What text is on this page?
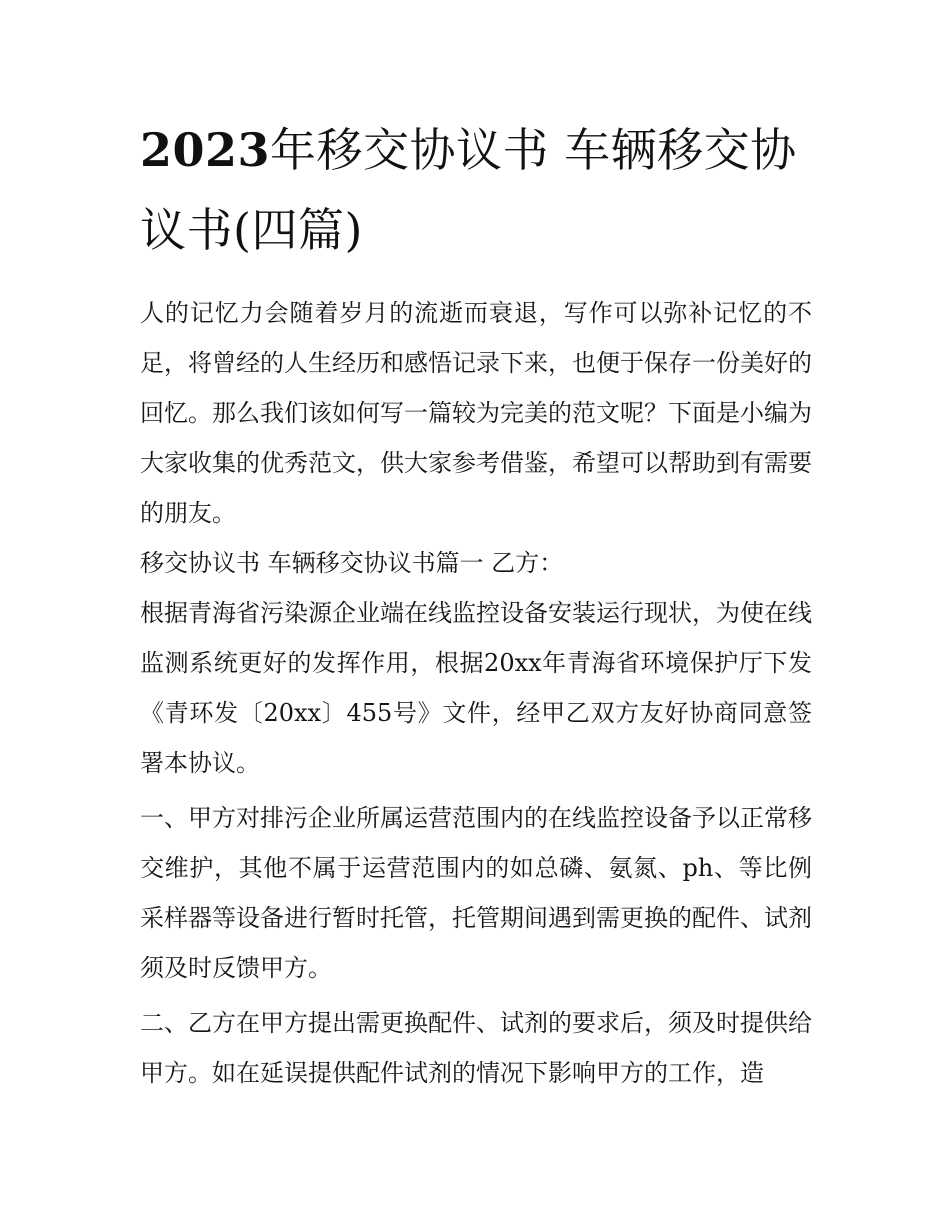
2023年移交协议书 车辆移交协议书(四篇)

人的记忆力会随着岁月的流逝而衰退，写作可以弥补记忆的不足，将曾经的人生经历和感悟记录下来，也便于保存一份美好的回忆。那么我们该如何写一篇较为完美的范文呢？下面是小编为大家收集的优秀范文，供大家参考借鉴，希望可以帮助到有需要的朋友。

移交协议书 车辆移交协议书篇一 乙方：

根据青海省污染源企业端在线监控设备安装运行现状，为使在线监测系统更好的发挥作用，根据20xx年青海省环境保护厅下发《青环发〔20xx〕455号》文件，经甲乙双方友好协商同意签署本协议。

一、甲方对排污企业所属运营范围内的在线监控设备予以正常移交维护，其他不属于运营范围内的如总磷、氨氮、ph、等比例采样器等设备进行暂时托管，托管期间遇到需更换的配件、试剂须及时反馈甲方。

二、乙方在甲方提出需更换配件、试剂的要求后，须及时提供给甲方。如在延误提供配件试剂的情况下影响甲方的工作，造
